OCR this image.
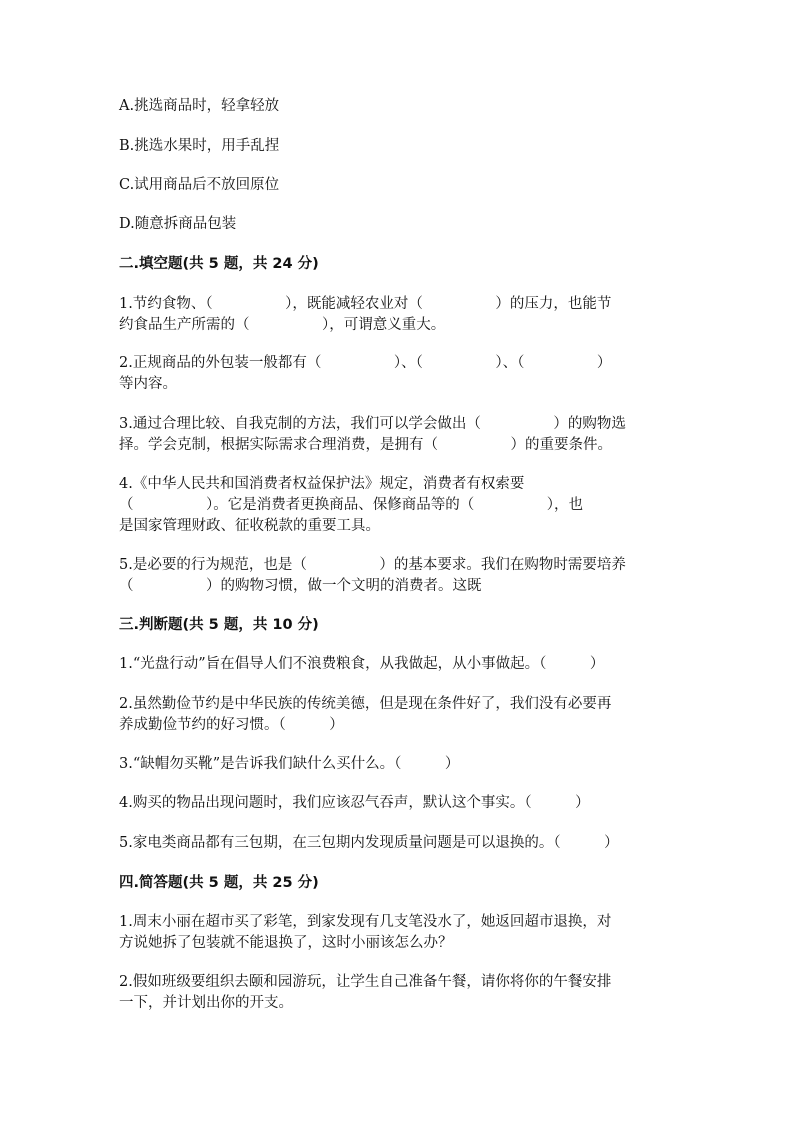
A.挑选商品时，轻拿轻放
B.挑选水果时，用手乱捏
C.试用商品后不放回原位
D.随意拆商品包装
二.填空题(共 5 题，共 24 分)
1.节约食物、（　　　　　），既能减轻农业对（　　　　　）的压力，也能节
约食品生产所需的（　　　　　），可谓意义重大。
2.正规商品的外包装一般都有（　　　　　）、（　　　　　）、（　　　　　）
等内容。
3.通过合理比较、自我克制的方法，我们可以学会做出（　　　　　）的购物选
择。学会克制，根据实际需求合理消费，是拥有（　　　　　）的重要条件。
4.《中华人民共和国消费者权益保护法》规定，消费者有权索要
（　　　　　）。它是消费者更换商品、保修商品等的（　　　　　），也
是国家管理财政、征收税款的重要工具。
5.是必要的行为规范，也是（　　　　　）的基本要求。我们在购物时需要培养
（　　　　　）的购物习惯，做一个文明的消费者。这既
三.判断题(共 5 题，共 10 分)
1.“光盘行动”旨在倡导人们不浪费粮食，从我做起，从小事做起。（　　　）
2.虽然勤俭节约是中华民族的传统美德，但是现在条件好了，我们没有必要再
养成勤俭节约的好习惯。（　　　）
3.“缺帽勿买靴”是告诉我们缺什么买什么。（　　　）
4.购买的物品出现问题时，我们应该忍气吞声，默认这个事实。（　　　）
5.家电类商品都有三包期，在三包期内发现质量问题是可以退换的。（　　　）
四.简答题(共 5 题，共 25 分)
1.周末小丽在超市买了彩笔，到家发现有几支笔没水了，她返回超市退换，对
方说她拆了包装就不能退换了，这时小丽该怎么办？
2.假如班级要组织去颐和园游玩，让学生自己准备午餐，请你将你的午餐安排
一下，并计划出你的开支。
